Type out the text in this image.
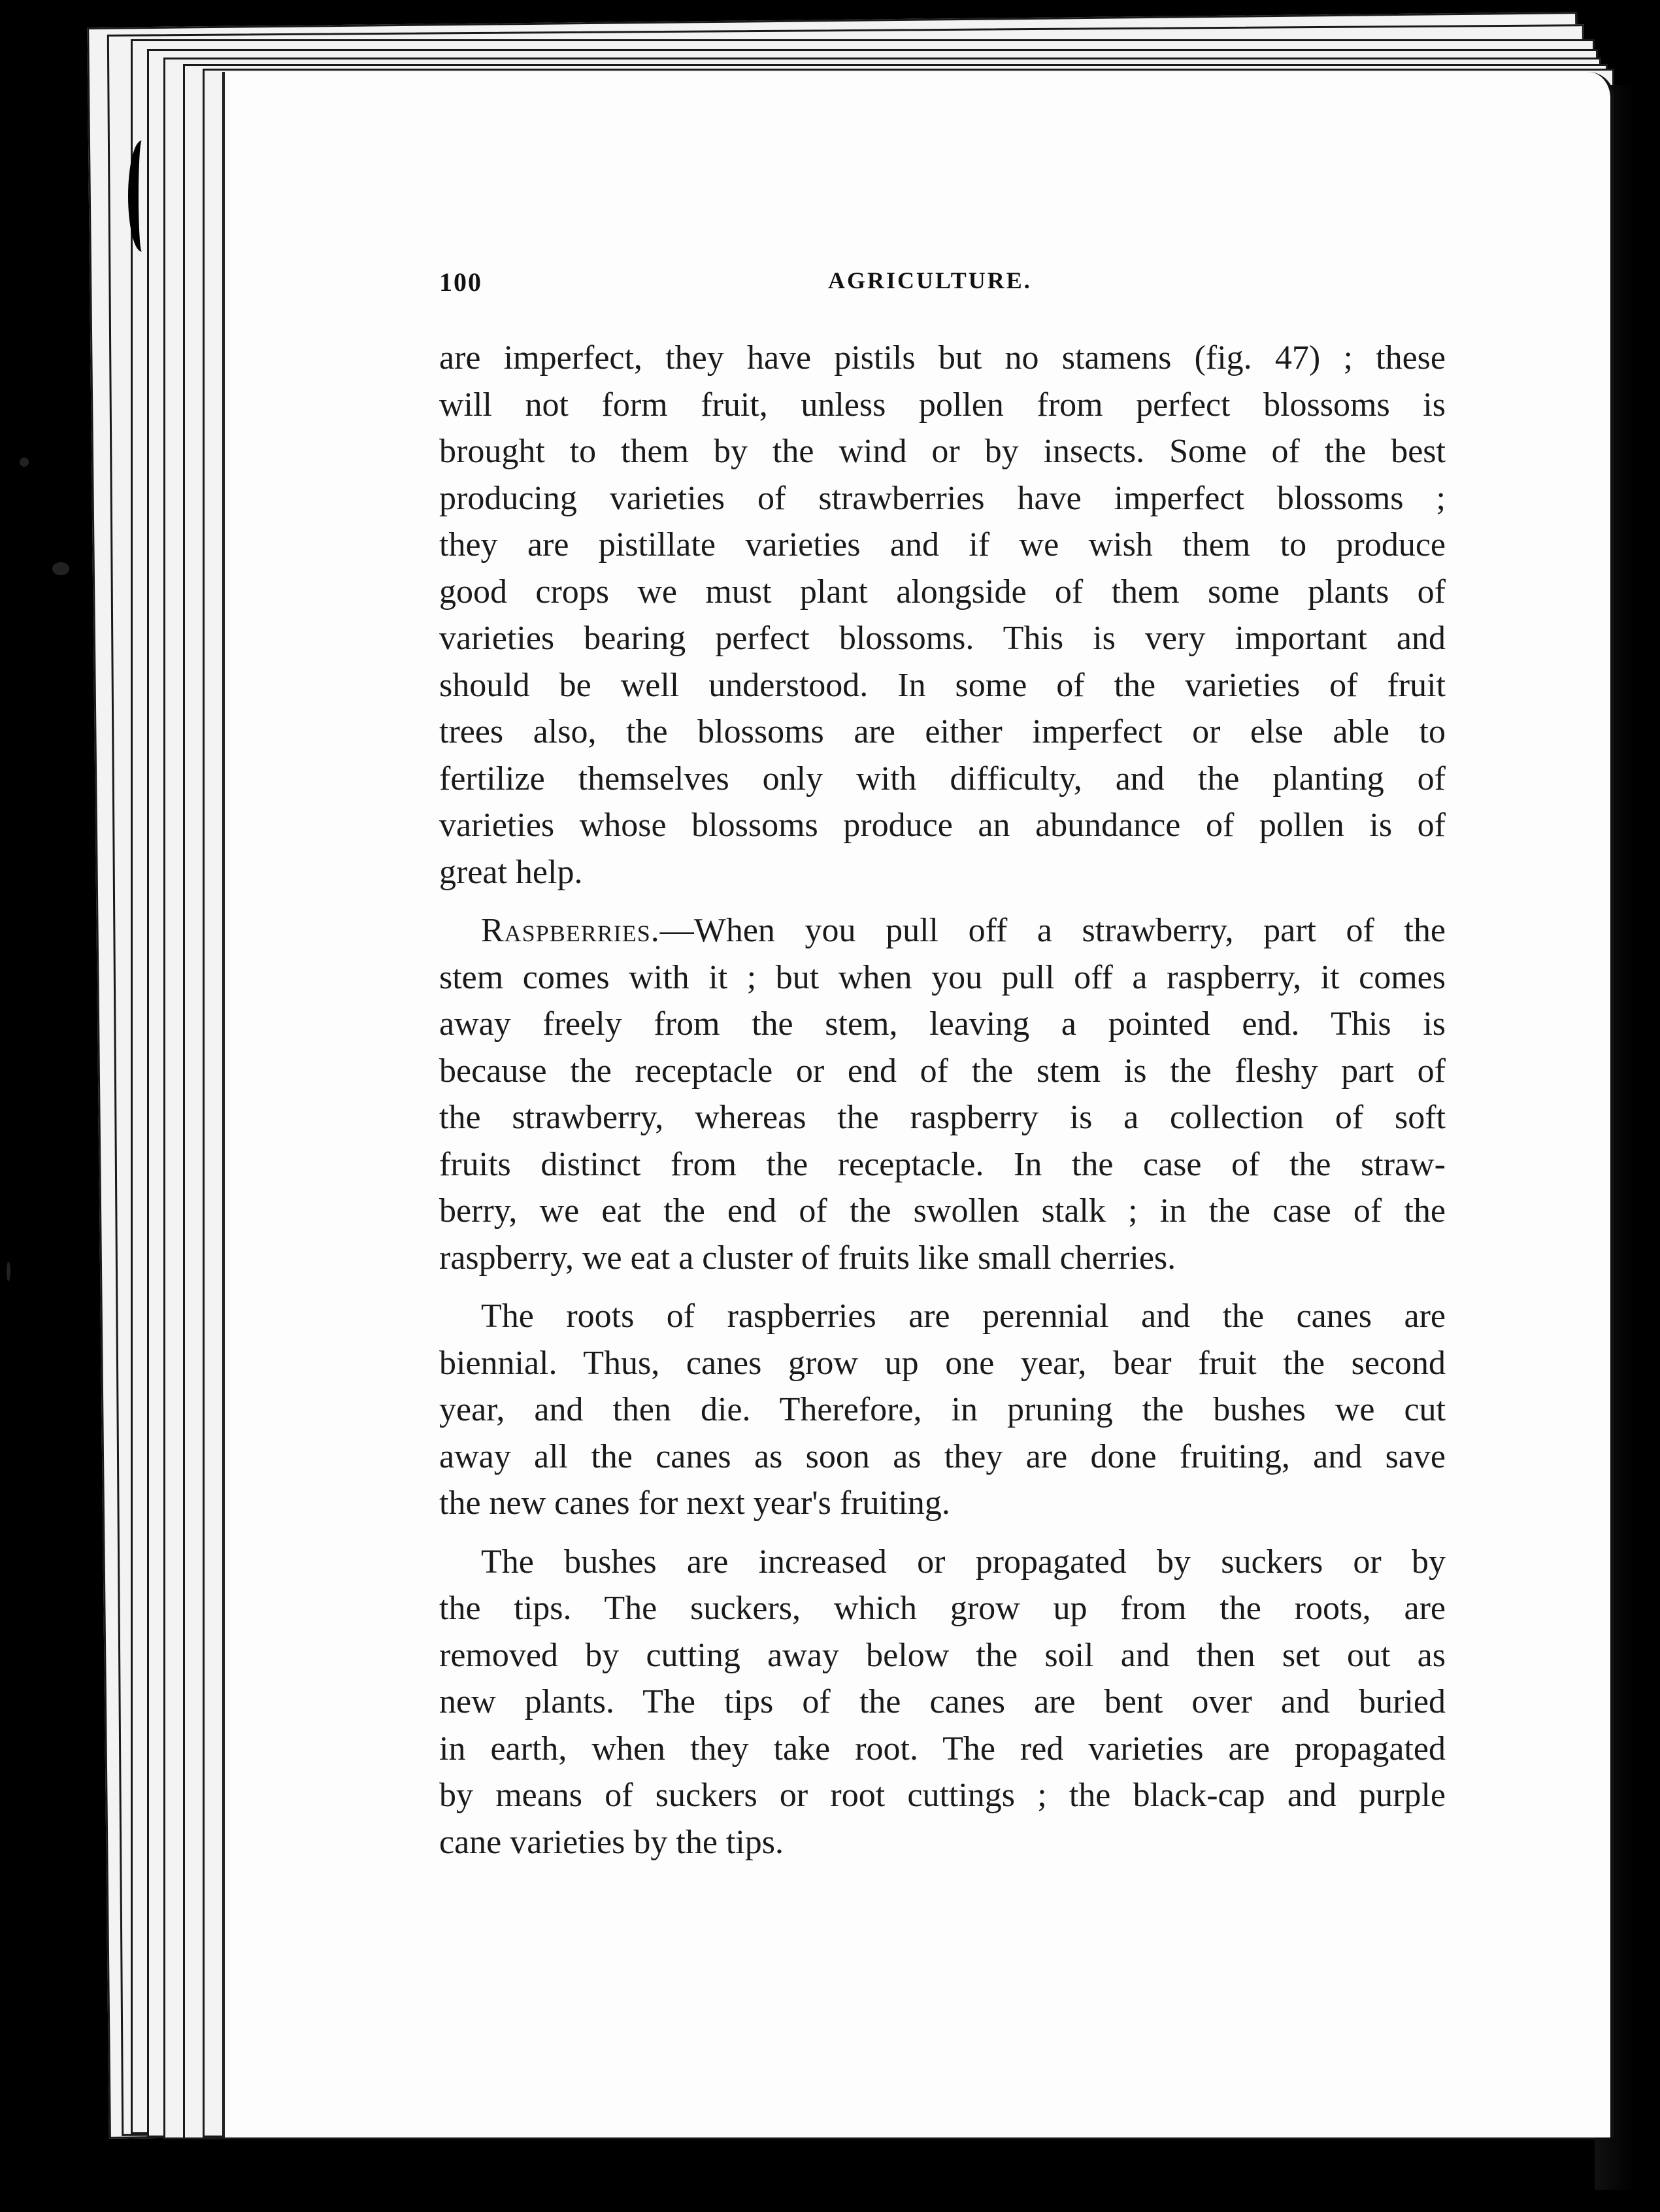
100	AGRICULTURE.

are imperfect, they have pistils but no stamens (fig. 47) ; these
will not form fruit, unless pollen from perfect blossoms is
brought to them by the wind or by insects. Some of the best
producing varieties of strawberries have imperfect blossoms ;
they are pistillate varieties and if we wish them to produce
good crops we must plant alongside of them some plants of
varieties bearing perfect blossoms. This is very important and
should be well understood. In some of the varieties of fruit
trees also, the blossoms are either imperfect or else able to
fertilize themselves only with difficulty, and the planting of
varieties whose blossoms produce an abundance of pollen is of
great help.

Raspberries.—When you pull off a strawberry, part of the
stem comes with it ; but when you pull off a raspberry, it comes
away freely from the stem, leaving a pointed end. This is
because the receptacle or end of the stem is the fleshy part of
the strawberry, whereas the raspberry is a collection of soft
fruits distinct from the receptacle. In the case of the straw-
berry, we eat the end of the swollen stalk ; in the case of the
raspberry, we eat a cluster of fruits like small cherries.

The roots of raspberries are perennial and the canes are
biennial. Thus, canes grow up one year, bear fruit the second
year, and then die. Therefore, in pruning the bushes we cut
away all the canes as soon as they are done fruiting, and save
the new canes for next year's fruiting.

The bushes are increased or propagated by suckers or by
the tips. The suckers, which grow up from the roots, are
removed by cutting away below the soil and then set out as
new plants. The tips of the canes are bent over and buried
in earth, when they take root. The red varieties are propagated
by means of suckers or root cuttings ; the black-cap and purple
cane varieties by the tips.
